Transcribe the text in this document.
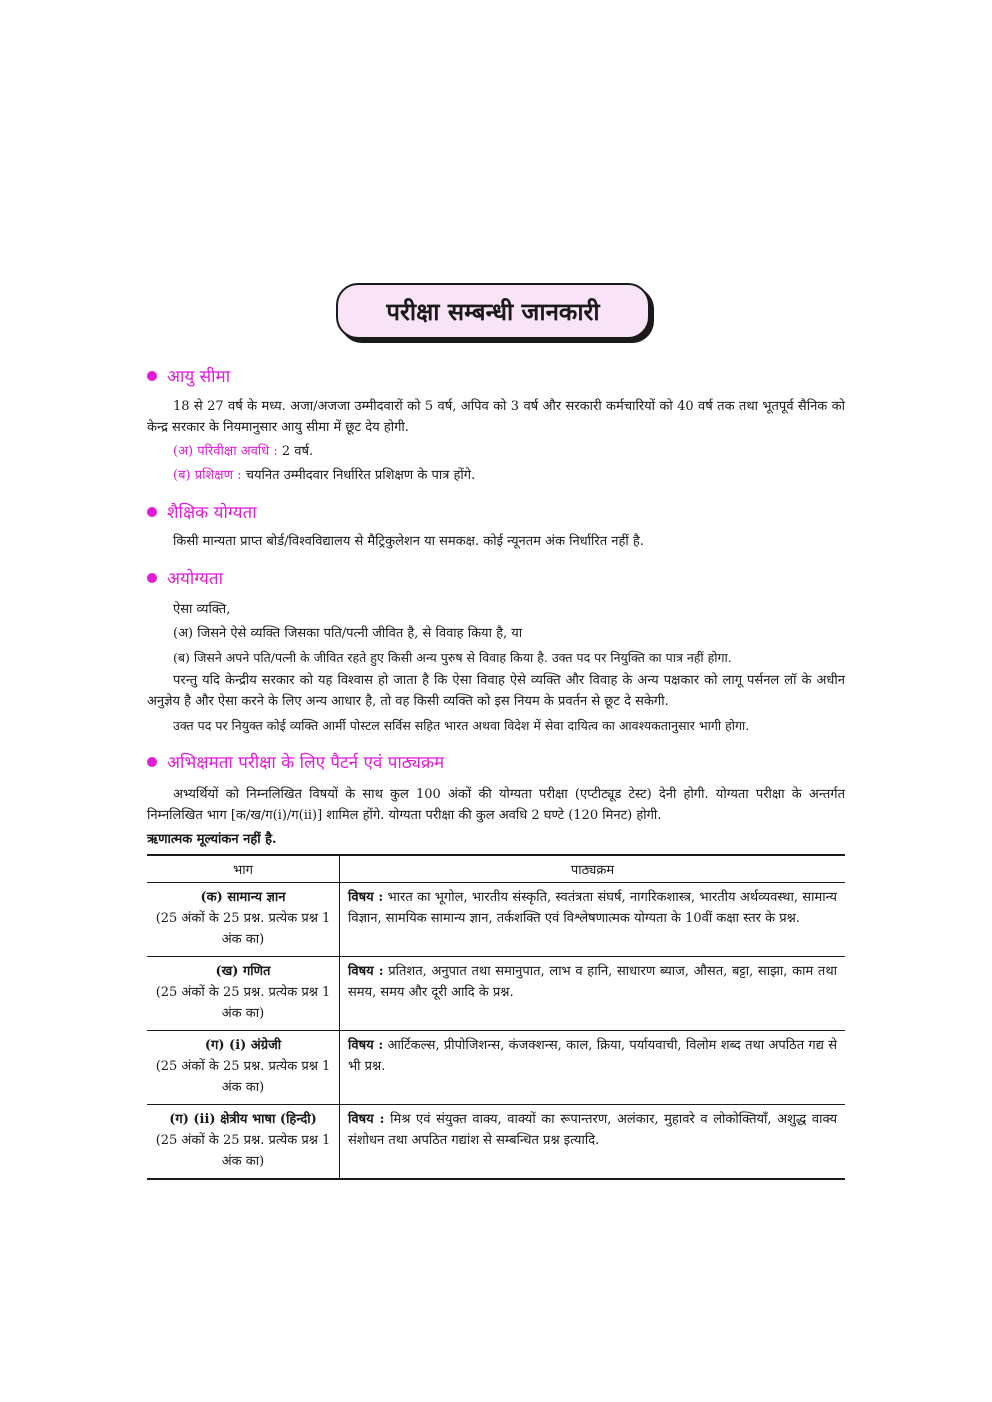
परीक्षा सम्बन्धी जानकारी
आयु सीमा
18 से 27 वर्ष के मध्य. अजा/अजजा उम्मीदवारों को 5 वर्ष, अपिव को 3 वर्ष और सरकारी कर्मचारियों को 40 वर्ष तक तथा भूतपूर्व सैनिक को केन्द्र सरकार के नियमानुसार आयु सीमा में छूट देय होगी.
(अ) परिवीक्षा अवधि : 2 वर्ष.
(ब) प्रशिक्षण : चयनित उम्मीदवार निर्धारित प्रशिक्षण के पात्र होंगे.
शैक्षिक योग्यता
किसी मान्यता प्राप्त बोर्ड/विश्वविद्यालय से मैट्रिकुलेशन या समकक्ष. कोई न्यूनतम अंक निर्धारित नहीं है.
अयोग्यता
ऐसा व्यक्ति,
(अ) जिसने ऐसे व्यक्ति जिसका पति/पत्नी जीवित है, से विवाह किया है, या
(ब) जिसने अपने पति/पत्नी के जीवित रहते हुए किसी अन्य पुरुष से विवाह किया है. उक्त पद पर नियुक्ति का पात्र नहीं होगा.
परन्तु यदि केन्द्रीय सरकार को यह विश्वास हो जाता है कि ऐसा विवाह ऐसे व्यक्ति और विवाह के अन्य पक्षकार को लागू पर्सनल लॉ के अधीन अनुज्ञेय है और ऐसा करने के लिए अन्य आधार है, तो वह किसी व्यक्ति को इस नियम के प्रवर्तन से छूट दे सकेगी.
उक्त पद पर नियुक्त कोई व्यक्ति आर्मी पोस्टल सर्विस सहित भारत अथवा विदेश में सेवा दायित्व का आवश्यकतानुसार भागी होगा.
अभिक्षमता परीक्षा के लिए पैटर्न एवं पाठ्यक्रम
अभ्यर्थियों को निम्नलिखित विषयों के साथ कुल 100 अंकों की योग्यता परीक्षा (एप्टीट्यूड टेस्ट) देनी होगी. योग्यता परीक्षा के अन्तर्गत निम्नलिखित भाग [क/ख/ग(i)/ग(ii)] शामिल होंगे. योग्यता परीक्षा की कुल अवधि 2 घण्टे (120 मिनट) होगी.
ऋणात्मक मूल्यांकन नहीं है.
भाग	पाठ्यक्रम

(क) सामान्य ज्ञान
(25 अंकों के 25 प्रश्न. प्रत्येक प्रश्न 1 अंक का)	विषय : भारत का भूगोल, भारतीय संस्कृति, स्वतंत्रता संघर्ष, नागरिकशास्त्र, भारतीय अर्थव्यवस्था, सामान्य विज्ञान, सामयिक सामान्य ज्ञान, तर्कशक्ति एवं विश्लेषणात्मक योग्यता के 10वीं कक्षा स्तर के प्रश्न.

(ख) गणित
(25 अंकों के 25 प्रश्न. प्रत्येक प्रश्न 1 अंक का)	विषय : प्रतिशत, अनुपात तथा समानुपात, लाभ व हानि, साधारण ब्याज, औसत, बट्टा, साझा, काम तथा समय, समय और दूरी आदि के प्रश्न.

(ग) (i) अंग्रेजी
(25 अंकों के 25 प्रश्न. प्रत्येक प्रश्न 1 अंक का)	विषय : आर्टिकल्स, प्रीपोजिशन्स, कंजक्शन्स, काल, क्रिया, पर्यायवाची, विलोम शब्द तथा अपठित गद्य से भी प्रश्न.

(ग) (ii) क्षेत्रीय भाषा (हिन्दी)
(25 अंकों के 25 प्रश्न. प्रत्येक प्रश्न 1 अंक का)	विषय : मिश्र एवं संयुक्त वाक्य, वाक्यों का रूपान्तरण, अलंकार, मुहावरे व लोकोक्तियाँ, अशुद्ध वाक्य संशोधन तथा अपठित गद्यांश से सम्बन्धित प्रश्न इत्यादि.
